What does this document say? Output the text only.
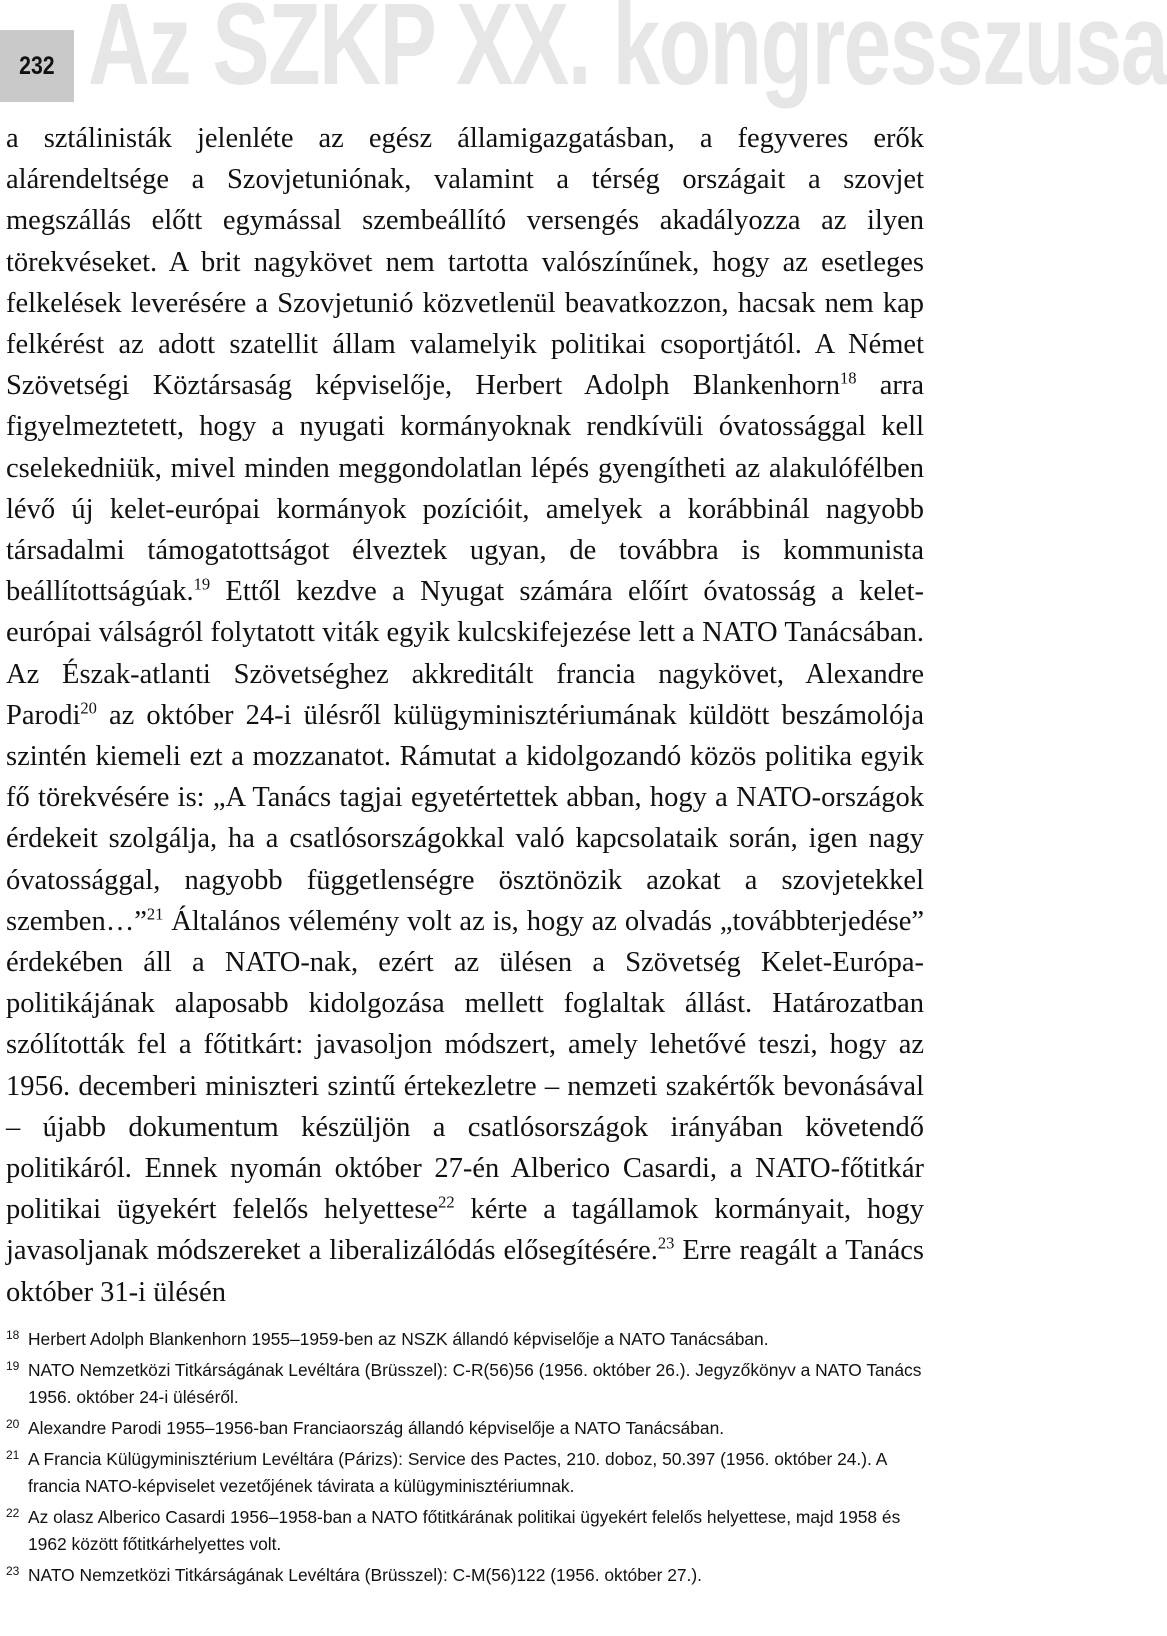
232 Az SZKP XX. kongresszusa

a sztálinisták jelenléte az egész államigazgatásban, a fegyveres erők alárendeltsége a Szovjetuniónak, valamint a térség országait a szovjet megszállás előtt egymással szembeállító versengés akadályozza az ilyen törekvéseket. A brit nagykövet nem tartotta valószínűnek, hogy az esetleges felkelések leverésére a Szovjetunió közvetlenül beavatkozzon, hacsak nem kap felkérést az adott szatellit állam valamelyik politikai csoportjától. A Német Szövetségi Köztársaság képviselője, Herbert Adolph Blankenhorn$^{18}$ arra figyelmeztetett, hogy a nyugati kormányoknak rendkívüli óvatossággal kell cselekedniük, mivel minden meggondolatlan lépés gyengítheti az alakulófélben lévő új kelet-európai kormányok pozícióit, amelyek a korábbinál nagyobb társadalmi támogatottságot élveztek ugyan, de továbbra is kommunista beállítottságúak.$^{19}$ Ettől kezdve a Nyugat számára előírt óvatosság a kelet-európai válságról folytatott viták egyik kulcskifejezése lett a NATO Tanácsában. Az Észak-atlanti Szövetséghez akkreditált francia nagykövet, Alexandre Parodi$^{20}$ az október 24-i ülésről külügyminisztériumának küldött beszámolója szintén kiemeli ezt a mozzanatot. Rámutat a kidolgozandó közös politika egyik fő törekvésére is: „A Tanács tagjai egyetértettek abban, hogy a NATO-országok érdekeit szolgálja, ha a csatlósországokkal való kapcsolataik során, igen nagy óvatossággal, nagyobb függetlenségre ösztönözik azokat a szovjetekkel szemben…”$^{21}$ Általános vélemény volt az is, hogy az olvadás „továbbterjedése” érdekében áll a NATO-nak, ezért az ülésen a Szövetség Kelet-Európa-politikájának alaposabb kidolgozása mellett foglaltak állást. Határozatban szólították fel a főtitkárt: javasoljon módszert, amely lehetővé teszi, hogy az 1956. decemberi miniszteri szintű értekezletre – nemzeti szakértők bevonásával – újabb dokumentum készüljön a csatlósországok irányában követendő politikáról. Ennek nyomán október 27-én Alberico Casardi, a NATO-főtitkár politikai ügyekért felelős helyettese$^{22}$ kérte a tagállamok kormányait, hogy javasoljanak módszereket a liberalizálódás elősegítésére.$^{23}$ Erre reagált a Tanács október 31-i ülésén

18 Herbert Adolph Blankenhorn 1955–1959-ben az NSZK állandó képviselője a NATO Tanácsában.
19 NATO Nemzetközi Titkárságának Levéltára (Brüsszel): C-R(56)56 (1956. október 26.). Jegyzőkönyv a NATO Tanács 1956. október 24-i üléséről.
20 Alexandre Parodi 1955–1956-ban Franciaország állandó képviselője a NATO Tanácsában.
21 A Francia Külügyminisztérium Levéltára (Párizs): Service des Pactes, 210. doboz, 50.397 (1956. október 24.). A francia NATO-képviselet vezetőjének távirata a külügyminisztériumnak.
22 Az olasz Alberico Casardi 1956–1958-ban a NATO főtitkárának politikai ügyekért felelős helyettese, majd 1958 és 1962 között főtitkárhelyettes volt.
23 NATO Nemzetközi Titkárságának Levéltára (Brüsszel): C-M(56)122 (1956. október 27.).
